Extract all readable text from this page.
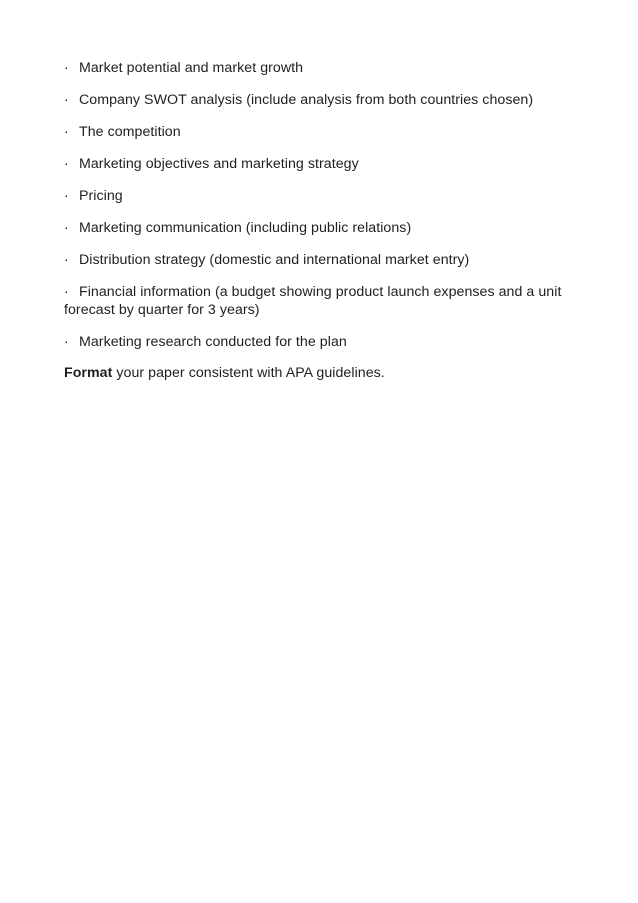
· Market potential and market growth
· Company SWOT analysis (include analysis from both countries chosen)
· The competition
· Marketing objectives and marketing strategy
· Pricing
· Marketing communication (including public relations)
· Distribution strategy (domestic and international market entry)
· Financial information (a budget showing product launch expenses and a unit forecast by quarter for 3 years)
· Marketing research conducted for the plan

Format your paper consistent with APA guidelines.
